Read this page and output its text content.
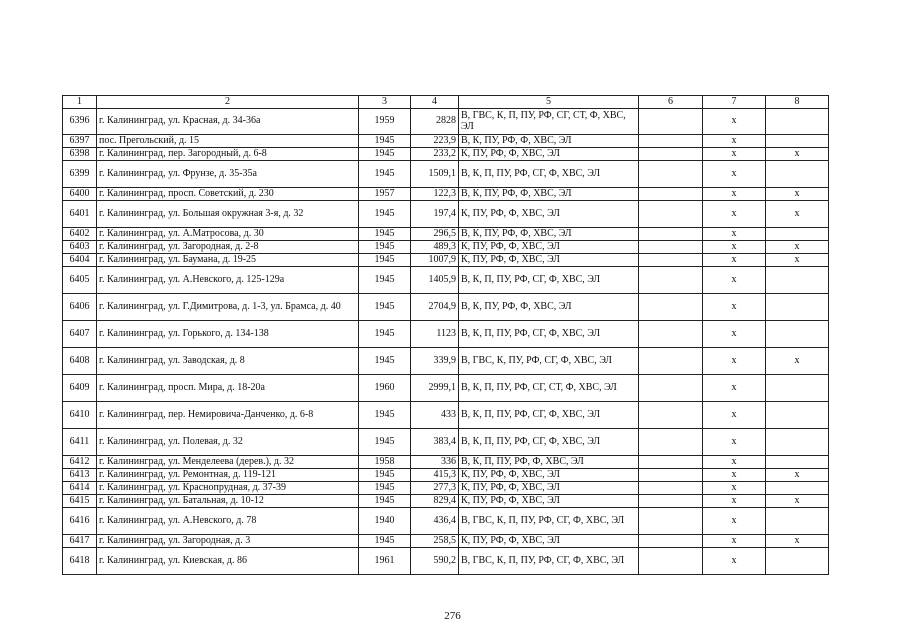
1	2	3	4	5	6	7	8
6396	г. Калининград, ул. Красная, д. 34-36а	1959	2828	В, ГВС, К, П, ПУ, РФ, СГ, СТ, Ф, ХВС, ЭЛ		х	
6397	пос. Прегольский, д. 15	1945	223,9	В, К, ПУ, РФ, Ф, ХВС, ЭЛ		х	
6398	г. Калининград, пер. Загородный, д. 6-8	1945	233,2	К, ПУ, РФ, Ф, ХВС, ЭЛ		х	х
6399	г. Калининград, ул. Фрунзе, д. 35-35а	1945	1509,1	В, К, П, ПУ, РФ, СГ, Ф, ХВС, ЭЛ		х	
6400	г. Калининград, просп. Советский, д. 230	1957	122,3	В, К, ПУ, РФ, Ф, ХВС, ЭЛ		х	х
6401	г. Калининград, ул. Большая окружная 3-я, д. 32	1945	197,4	К, ПУ, РФ, Ф, ХВС, ЭЛ		х	х
6402	г. Калининград, ул. А.Матросова, д. 30	1945	296,5	В, К, ПУ, РФ, Ф, ХВС, ЭЛ		х	
6403	г. Калининград, ул. Загородная, д. 2-8	1945	489,3	К, ПУ, РФ, Ф, ХВС, ЭЛ		х	х
6404	г. Калининград, ул. Баумана, д. 19-25	1945	1007,9	К, ПУ, РФ, Ф, ХВС, ЭЛ		х	х
6405	г. Калининград, ул. А.Невского, д. 125-129а	1945	1405,9	В, К, П, ПУ, РФ, СГ, Ф, ХВС, ЭЛ		х	
6406	г. Калининград, ул. Г.Димитрова, д. 1-3, ул. Брамса, д. 40	1945	2704,9	В, К, ПУ, РФ, Ф, ХВС, ЭЛ		х	
6407	г. Калининград, ул. Горького, д. 134-138	1945	1123	В, К, П, ПУ, РФ, СГ, Ф, ХВС, ЭЛ		х	
6408	г. Калининград, ул. Заводская, д. 8	1945	339,9	В, ГВС, К, ПУ, РФ, СГ, Ф, ХВС, ЭЛ		х	х
6409	г. Калининград, просп. Мира, д. 18-20а	1960	2999,1	В, К, П, ПУ, РФ, СГ, СТ, Ф, ХВС, ЭЛ		х	
6410	г. Калининград, пер. Немировича-Данченко, д. 6-8	1945	433	В, К, П, ПУ, РФ, СГ, Ф, ХВС, ЭЛ		х	
6411	г. Калининград, ул. Полевая, д. 32	1945	383,4	В, К, П, ПУ, РФ, СГ, Ф, ХВС, ЭЛ		х	
6412	г. Калининград, ул. Менделеева (дерев.), д. 32	1958	336	В, К, П, ПУ, РФ, Ф, ХВС, ЭЛ		х	
6413	г. Калининград, ул. Ремонтная, д. 119-121	1945	415,3	К, ПУ, РФ, Ф, ХВС, ЭЛ		х	х
6414	г. Калининград, ул. Краснопрудная, д. 37-39	1945	277,3	К, ПУ, РФ, Ф, ХВС, ЭЛ		х	
6415	г. Калининград, ул. Батальная, д. 10-12	1945	829,4	К, ПУ, РФ, Ф, ХВС, ЭЛ		х	х
6416	г. Калининград, ул. А.Невского, д. 78	1940	436,4	В, ГВС, К, П, ПУ, РФ, СГ, Ф, ХВС, ЭЛ		х	
6417	г. Калининград, ул. Загородная, д. 3	1945	258,5	К, ПУ, РФ, Ф, ХВС, ЭЛ		х	х
6418	г. Калининград, ул. Киевская, д. 86	1961	590,2	В, ГВС, К, П, ПУ, РФ, СГ, Ф, ХВС, ЭЛ		х	
276
